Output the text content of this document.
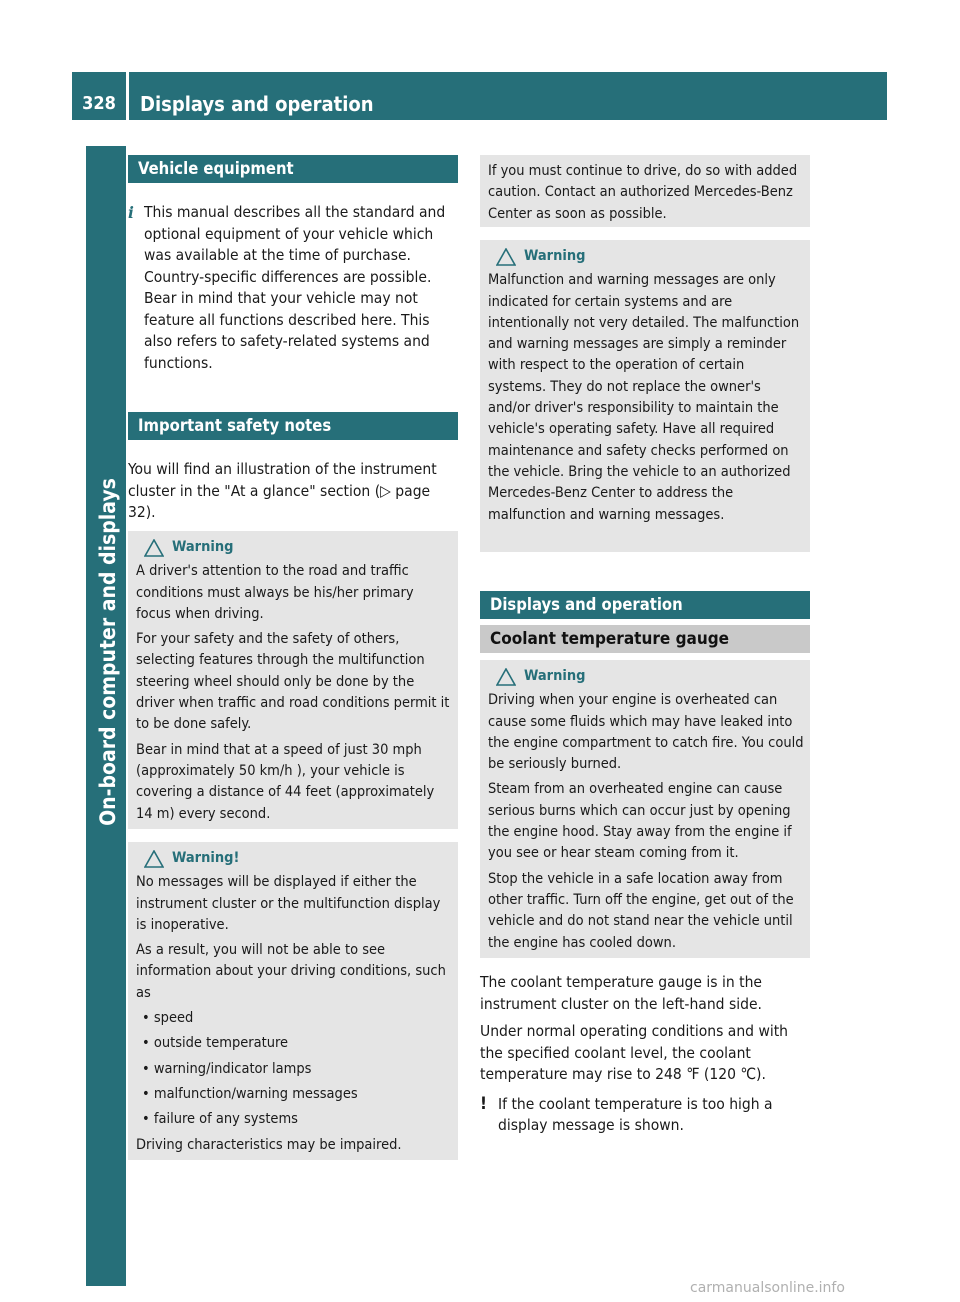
328	Displays and operation
On-board computer and displays
Vehicle equipment
i This manual describes all the standard and optional equipment of your vehicle which was available at the time of purchase. Country-specific differences are possible. Bear in mind that your vehicle may not feature all functions described here. This also refers to safety-related systems and functions.
Important safety notes
You will find an illustration of the instrument cluster in the "At a glance" section (▷ page 32).
Warning

A driver's attention to the road and traffic conditions must always be his/her primary focus when driving.

For your safety and the safety of others, selecting features through the multifunction steering wheel should only be done by the driver when traffic and road conditions permit it to be done safely.

Bear in mind that at a speed of just 30 mph (approximately 50 km/h ), your vehicle is covering a distance of 44 feet (approximately 14 m) every second.

Warning!

No messages will be displayed if either the instrument cluster or the multifunction display is inoperative.

As a result, you will not be able to see information about your driving conditions, such as

• speed
• outside temperature
• warning/indicator lamps
• malfunction/warning messages
• failure of any systems

Driving characteristics may be impaired.

If you must continue to drive, do so with added caution. Contact an authorized Mercedes-Benz Center as soon as possible.

Warning

Malfunction and warning messages are only indicated for certain systems and are intentionally not very detailed. The malfunction and warning messages are simply a reminder with respect to the operation of certain systems. They do not replace the owner's and/or driver's responsibility to maintain the vehicle's operating safety. Have all required maintenance and safety checks performed on the vehicle. Bring the vehicle to an authorized Mercedes-Benz Center to address the malfunction and warning messages.

Displays and operation
Coolant temperature gauge
Warning

Driving when your engine is overheated can cause some fluids which may have leaked into the engine compartment to catch fire. You could be seriously burned.

Steam from an overheated engine can cause serious burns which can occur just by opening the engine hood. Stay away from the engine if you see or hear steam coming from it.

Stop the vehicle in a safe location away from other traffic. Turn off the engine, get out of the vehicle and do not stand near the vehicle until the engine has cooled down.

The coolant temperature gauge is in the instrument cluster on the left-hand side.

Under normal operating conditions and with the specified coolant level, the coolant temperature may rise to 248 ℉ (120 ℃).

! If the coolant temperature is too high a display message is shown.
carmanualsonline.info
